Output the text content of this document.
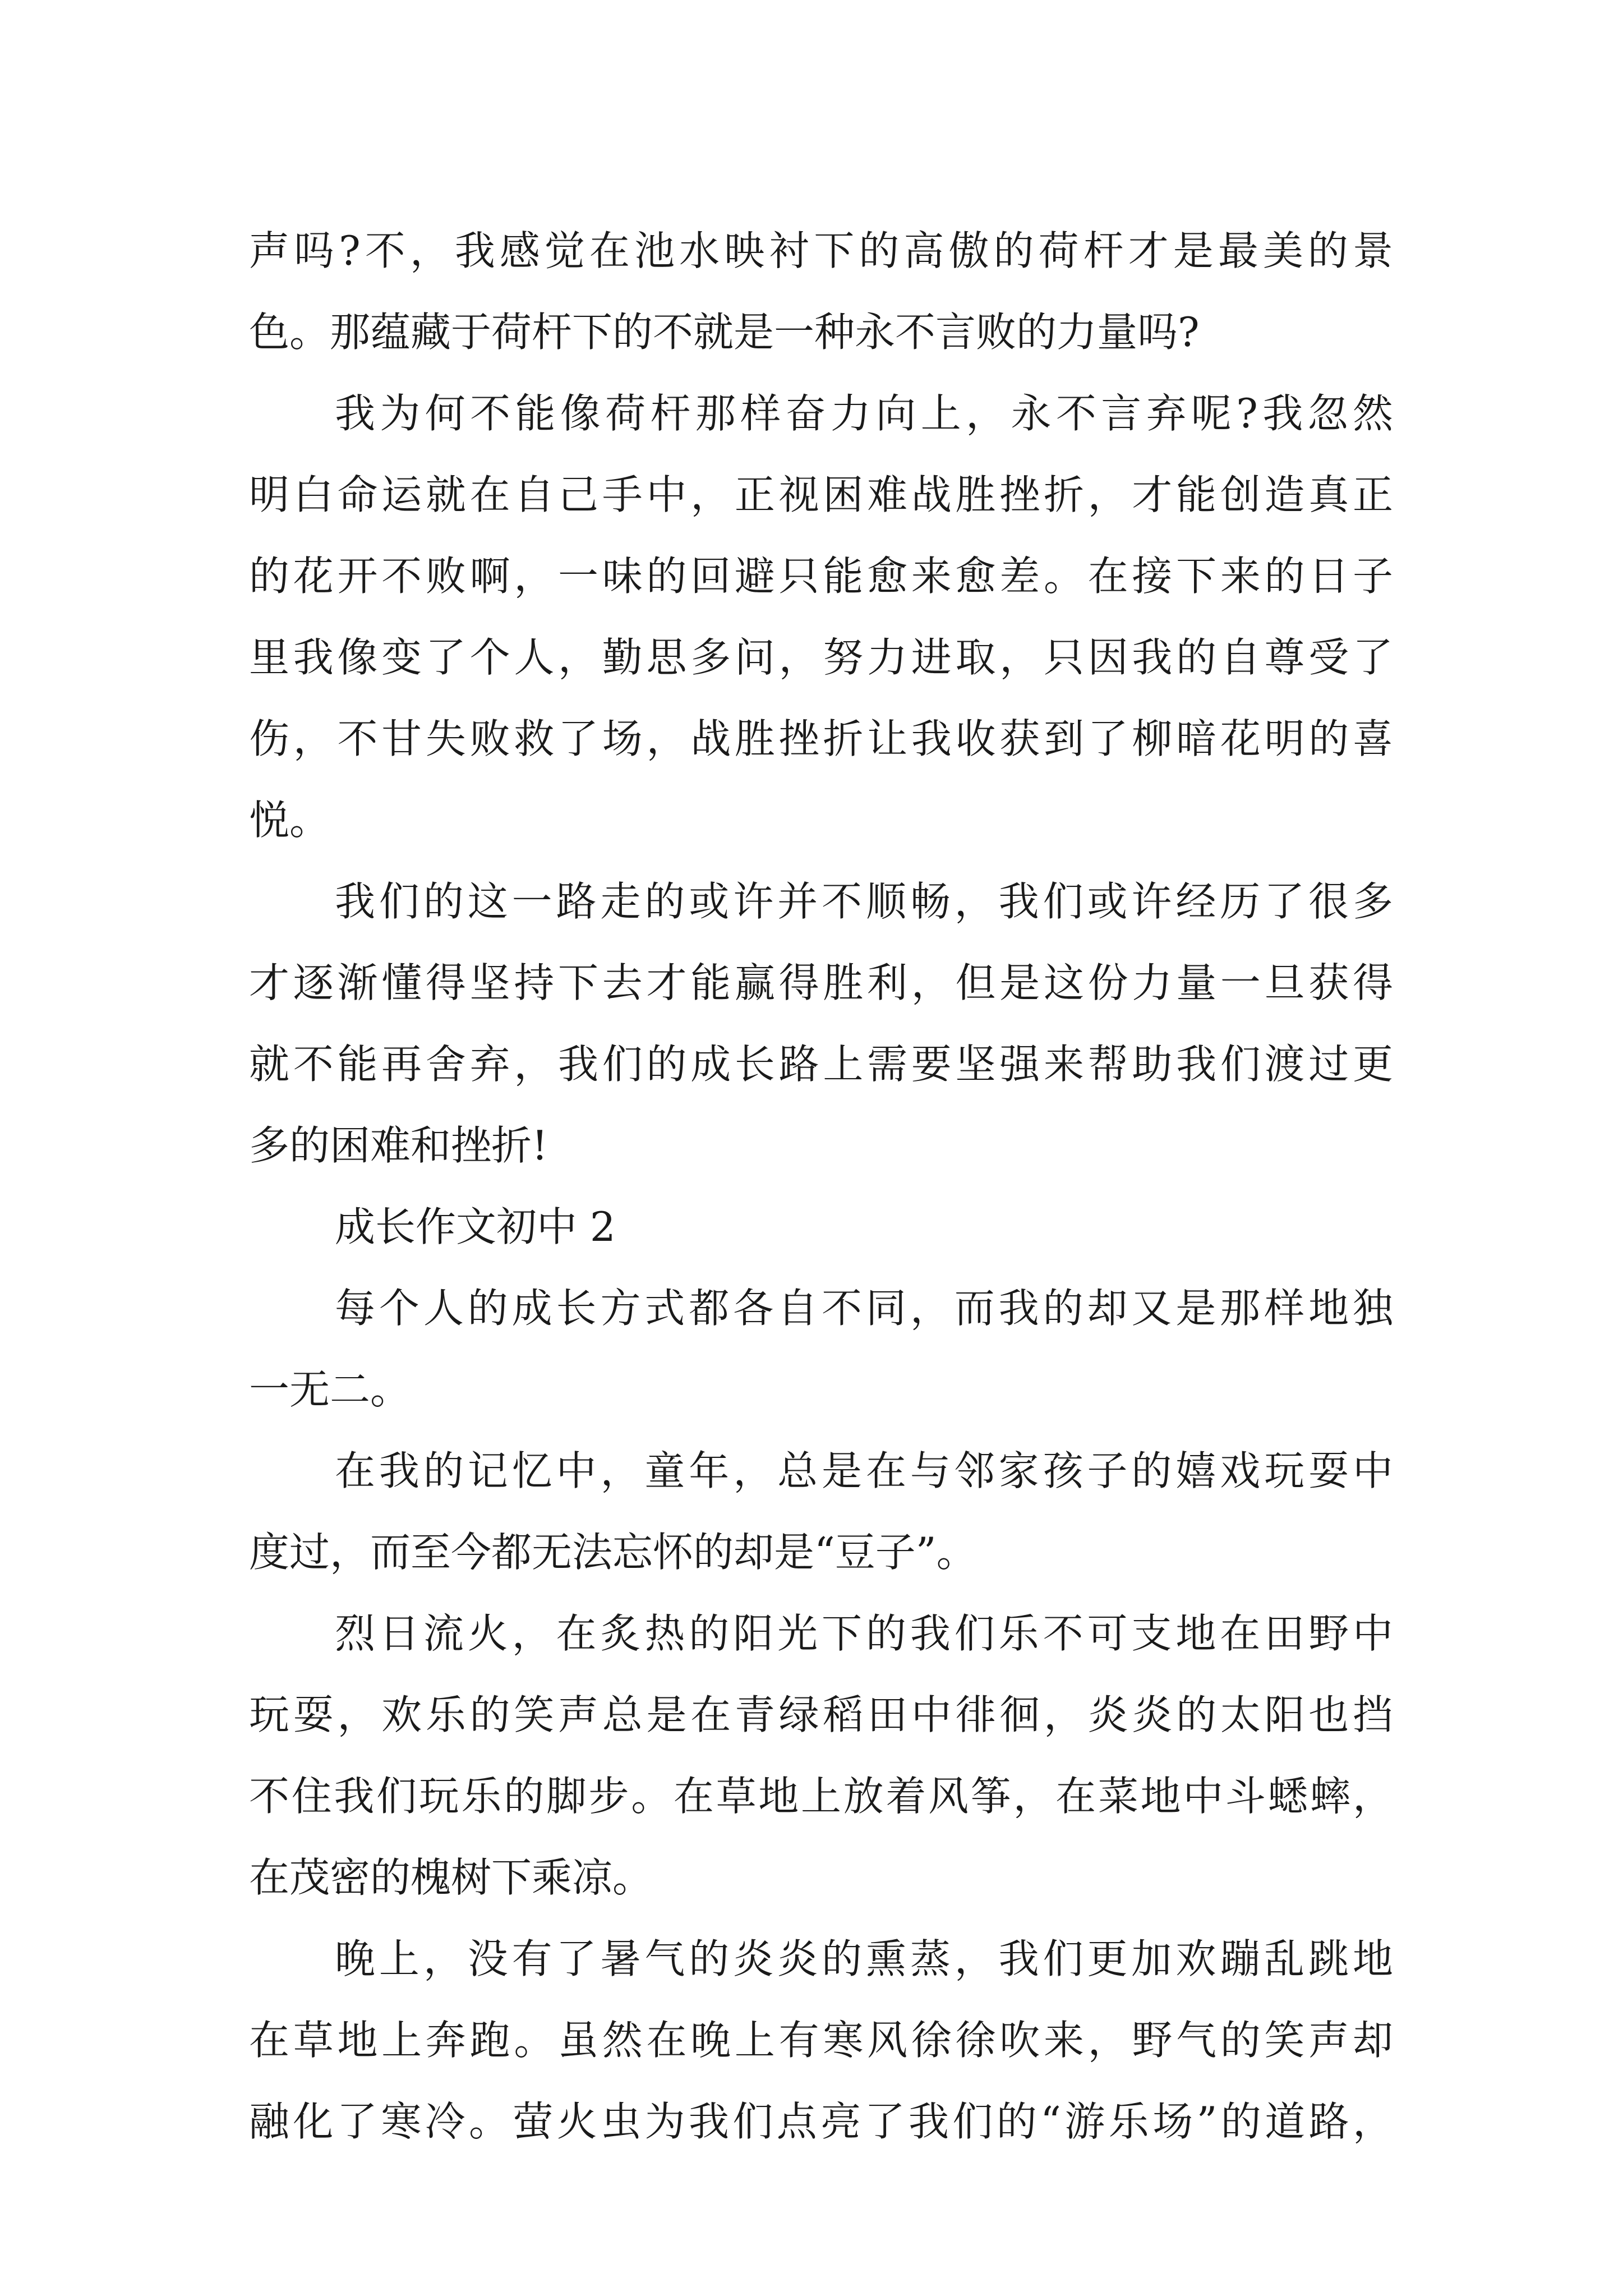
声吗?不，我感觉在池水映衬下的高傲的荷杆才是最美的景
色。那蕴藏于荷杆下的不就是一种永不言败的力量吗?
我为何不能像荷杆那样奋力向上，永不言弃呢?我忽然
明白命运就在自己手中，正视困难战胜挫折，才能创造真正
的花开不败啊，一味的回避只能愈来愈差。在接下来的日子
里我像变了个人，勤思多问，努力进取，只因我的自尊受了
伤，不甘失败救了场，战胜挫折让我收获到了柳暗花明的喜
悦。
我们的这一路走的或许并不顺畅，我们或许经历了很多
才逐渐懂得坚持下去才能赢得胜利，但是这份力量一旦获得
就不能再舍弃，我们的成长路上需要坚强来帮助我们渡过更
多的困难和挫折!
成长作文初中 2
每个人的成长方式都各自不同，而我的却又是那样地独
一无二。
在我的记忆中，童年，总是在与邻家孩子的嬉戏玩耍中
度过，而至今都无法忘怀的却是“豆子”。
烈日流火，在炙热的阳光下的我们乐不可支地在田野中
玩耍，欢乐的笑声总是在青绿稻田中徘徊，炎炎的太阳也挡
不住我们玩乐的脚步。在草地上放着风筝，在菜地中斗蟋蟀，
在茂密的槐树下乘凉。
晚上，没有了暑气的炎炎的熏蒸，我们更加欢蹦乱跳地
在草地上奔跑。虽然在晚上有寒风徐徐吹来，野气的笑声却
融化了寒冷。萤火虫为我们点亮了我们的“游乐场”的道路，
